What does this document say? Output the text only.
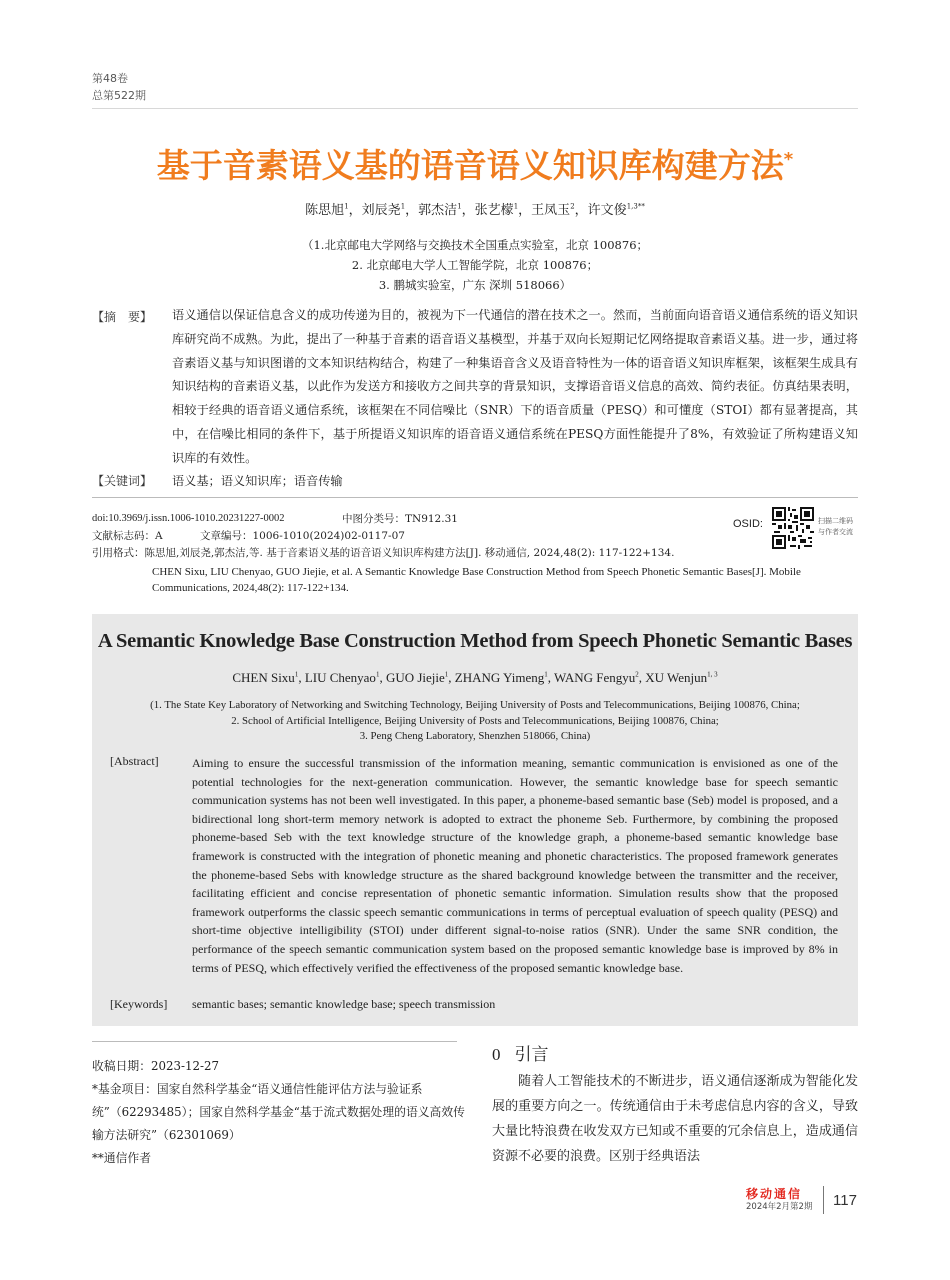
第48卷
总第522期
基于音素语义基的语音语义知识库构建方法*
陈思旭$^1$，刘辰尧$^1$，郭杰洁$^1$，张艺檬$^1$，王凤玉$^2$，许文俊$^{1,3**}$
（1.北京邮电大学网络与交换技术全国重点实验室，北京 100876；
2. 北京邮电大学人工智能学院，北京 100876；
3. 鹏城实验室，广东 深圳 518066）
【摘　要】 语义通信以保证信息含义的成功传递为目的，被视为下一代通信的潜在技术之一。然而，当前面向语音语义通信系统的语义知识库研究尚不成熟。为此，提出了一种基于音素的语音语义基模型，并基于双向长短期记忆网络提取音素语义基。进一步，通过将音素语义基与知识图谱的文本知识结构结合，构建了一种集语音含义及语音特性为一体的语音语义知识库框架，该框架生成具有知识结构的音素语义基，以此作为发送方和接收方之间共享的背景知识，支撑语音语义信息的高效、简约表征。仿真结果表明，相较于经典的语音语义通信系统，该框架在不同信噪比（SNR）下的语音质量（PESQ）和可懂度（STOI）都有显著提高，其中，在信噪比相同的条件下，基于所提语义知识库的语音语义通信系统在PESQ方面性能提升了8%，有效验证了所构建语义知识库的有效性。
【关键词】 语义基；语义知识库；语音传输
doi:10.3969/j.issn.1006-1010.20231227-0002	中图分类号：TN912.31
文献标志码：A	文章编号：1006-1010(2024)02-0117-07
引用格式：陈思旭,刘辰尧,郭杰洁,等. 基于音素语义基的语音语义知识库构建方法[J]. 移动通信, 2024,48(2): 117-122+134.
CHEN Sixu, LIU Chenyao, GUO Jiejie, et al. A Semantic Knowledge Base Construction Method from Speech Phonetic Semantic Bases[J]. Mobile Communications, 2024,48(2): 117-122+134.
OSID:	扫描二维码
与作者交流
A Semantic Knowledge Base Construction Method from Speech Phonetic Semantic Bases
CHEN Sixu$^1$, LIU Chenyao$^1$, GUO Jiejie$^1$, ZHANG Yimeng$^1$, WANG Fengyu$^2$, XU Wenjun$^{1, 3}$
(1. The State Key Laboratory of Networking and Switching Technology, Beijing University of Posts and Telecommunications, Beijing 100876, China;
2. School of Artificial Intelligence, Beijing University of Posts and Telecommunications, Beijing 100876, China;
3. Peng Cheng Laboratory, Shenzhen 518066, China)
[Abstract]	Aiming to ensure the successful transmission of the information meaning, semantic communication is envisioned as one of the potential technologies for the next-generation communication. However, the semantic knowledge base for speech semantic communication systems has not been well investigated. In this paper, a phoneme-based semantic base (Seb) model is proposed, and a bidirectional long short-term memory network is adopted to extract the phoneme Seb. Furthermore, by combining the proposed phoneme-based Seb with the text knowledge structure of the knowledge graph, a phoneme-based semantic knowledge base framework is constructed with the integration of phonetic meaning and phonetic characteristics. The proposed framework generates the phoneme-based Sebs with knowledge structure as the shared background knowledge between the transmitter and the receiver, facilitating efficient and concise representation of phonetic semantic information. Simulation results show that the proposed framework outperforms the classic speech semantic communications in terms of perceptual evaluation of speech quality (PESQ) and short-time objective intelligibility (STOI) under different signal-to-noise ratios (SNR). Under the same SNR condition, the performance of the speech semantic communication system based on the proposed semantic knowledge base is improved by 8% in terms of PESQ, which effectively verified the effectiveness of the proposed semantic knowledge base.
[Keywords] semantic bases; semantic knowledge base; speech transmission
收稿日期：2023-12-27
*基金项目：国家自然科学基金“语义通信性能评估方法与验证系统”（62293485）；国家自然科学基金“基于流式数据处理的语义高效传输方法研究”（62301069）
**通信作者
0 引言
随着人工智能技术的不断进步，语义通信逐渐成为智能化发展的重要方向之一。传统通信由于未考虑信息内容的含义，导致大量比特浪费在收发双方已知或不重要的冗余信息上，造成通信资源不必要的浪费。区别于经典语法
移动通信
2024年2月第2期 117
